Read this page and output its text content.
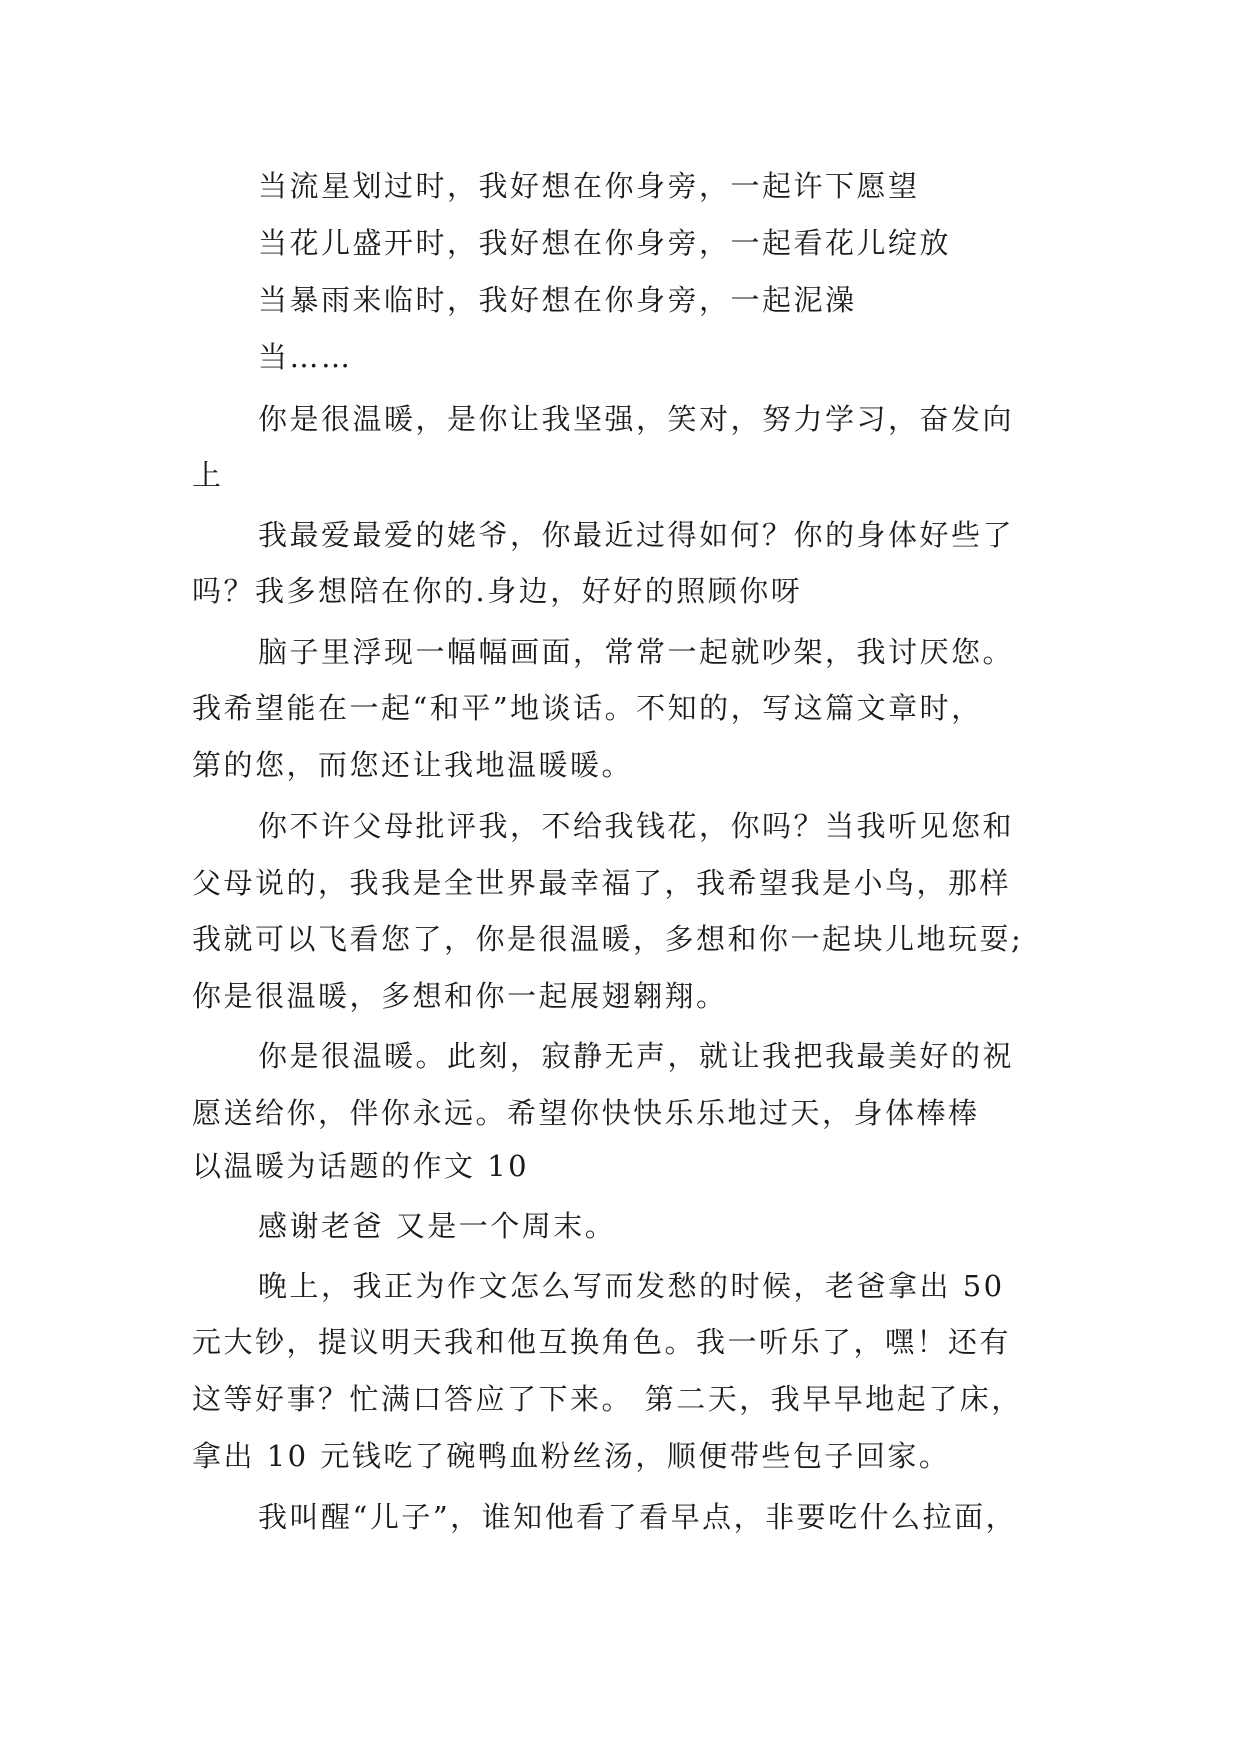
当流星划过时，我好想在你身旁，一起许下愿望
当花儿盛开时，我好想在你身旁，一起看花儿绽放
当暴雨来临时，我好想在你身旁，一起泥澡
当……
你是很温暖，是你让我坚强，笑对，努力学习，奋发向
上
我最爱最爱的姥爷，你最近过得如何？你的身体好些了
吗？我多想陪在你的.身边，好好的照顾你呀
脑子里浮现一幅幅画面，常常一起就吵架，我讨厌您。
我希望能在一起“和平”地谈话。不知的，写这篇文章时，
第的您，而您还让我地温暖暖。
你不许父母批评我，不给我钱花，你吗？当我听见您和
父母说的，我我是全世界最幸福了，我希望我是小鸟，那样
我就可以飞看您了，你是很温暖，多想和你一起块儿地玩耍;
你是很温暖，多想和你一起展翅翱翔。
你是很温暖。此刻，寂静无声，就让我把我最美好的祝
愿送给你，伴你永远。希望你快快乐乐地过天，身体棒棒
以温暖为话题的作文 10
感谢老爸 又是一个周末。
晚上，我正为作文怎么写而发愁的时候，老爸拿出 50
元大钞，提议明天我和他互换角色。我一听乐了，嘿！还有
这等好事？忙满口答应了下来。 第二天，我早早地起了床，
拿出 10 元钱吃了碗鸭血粉丝汤，顺便带些包子回家。
我叫醒“儿子”，谁知他看了看早点，非要吃什么拉面，
